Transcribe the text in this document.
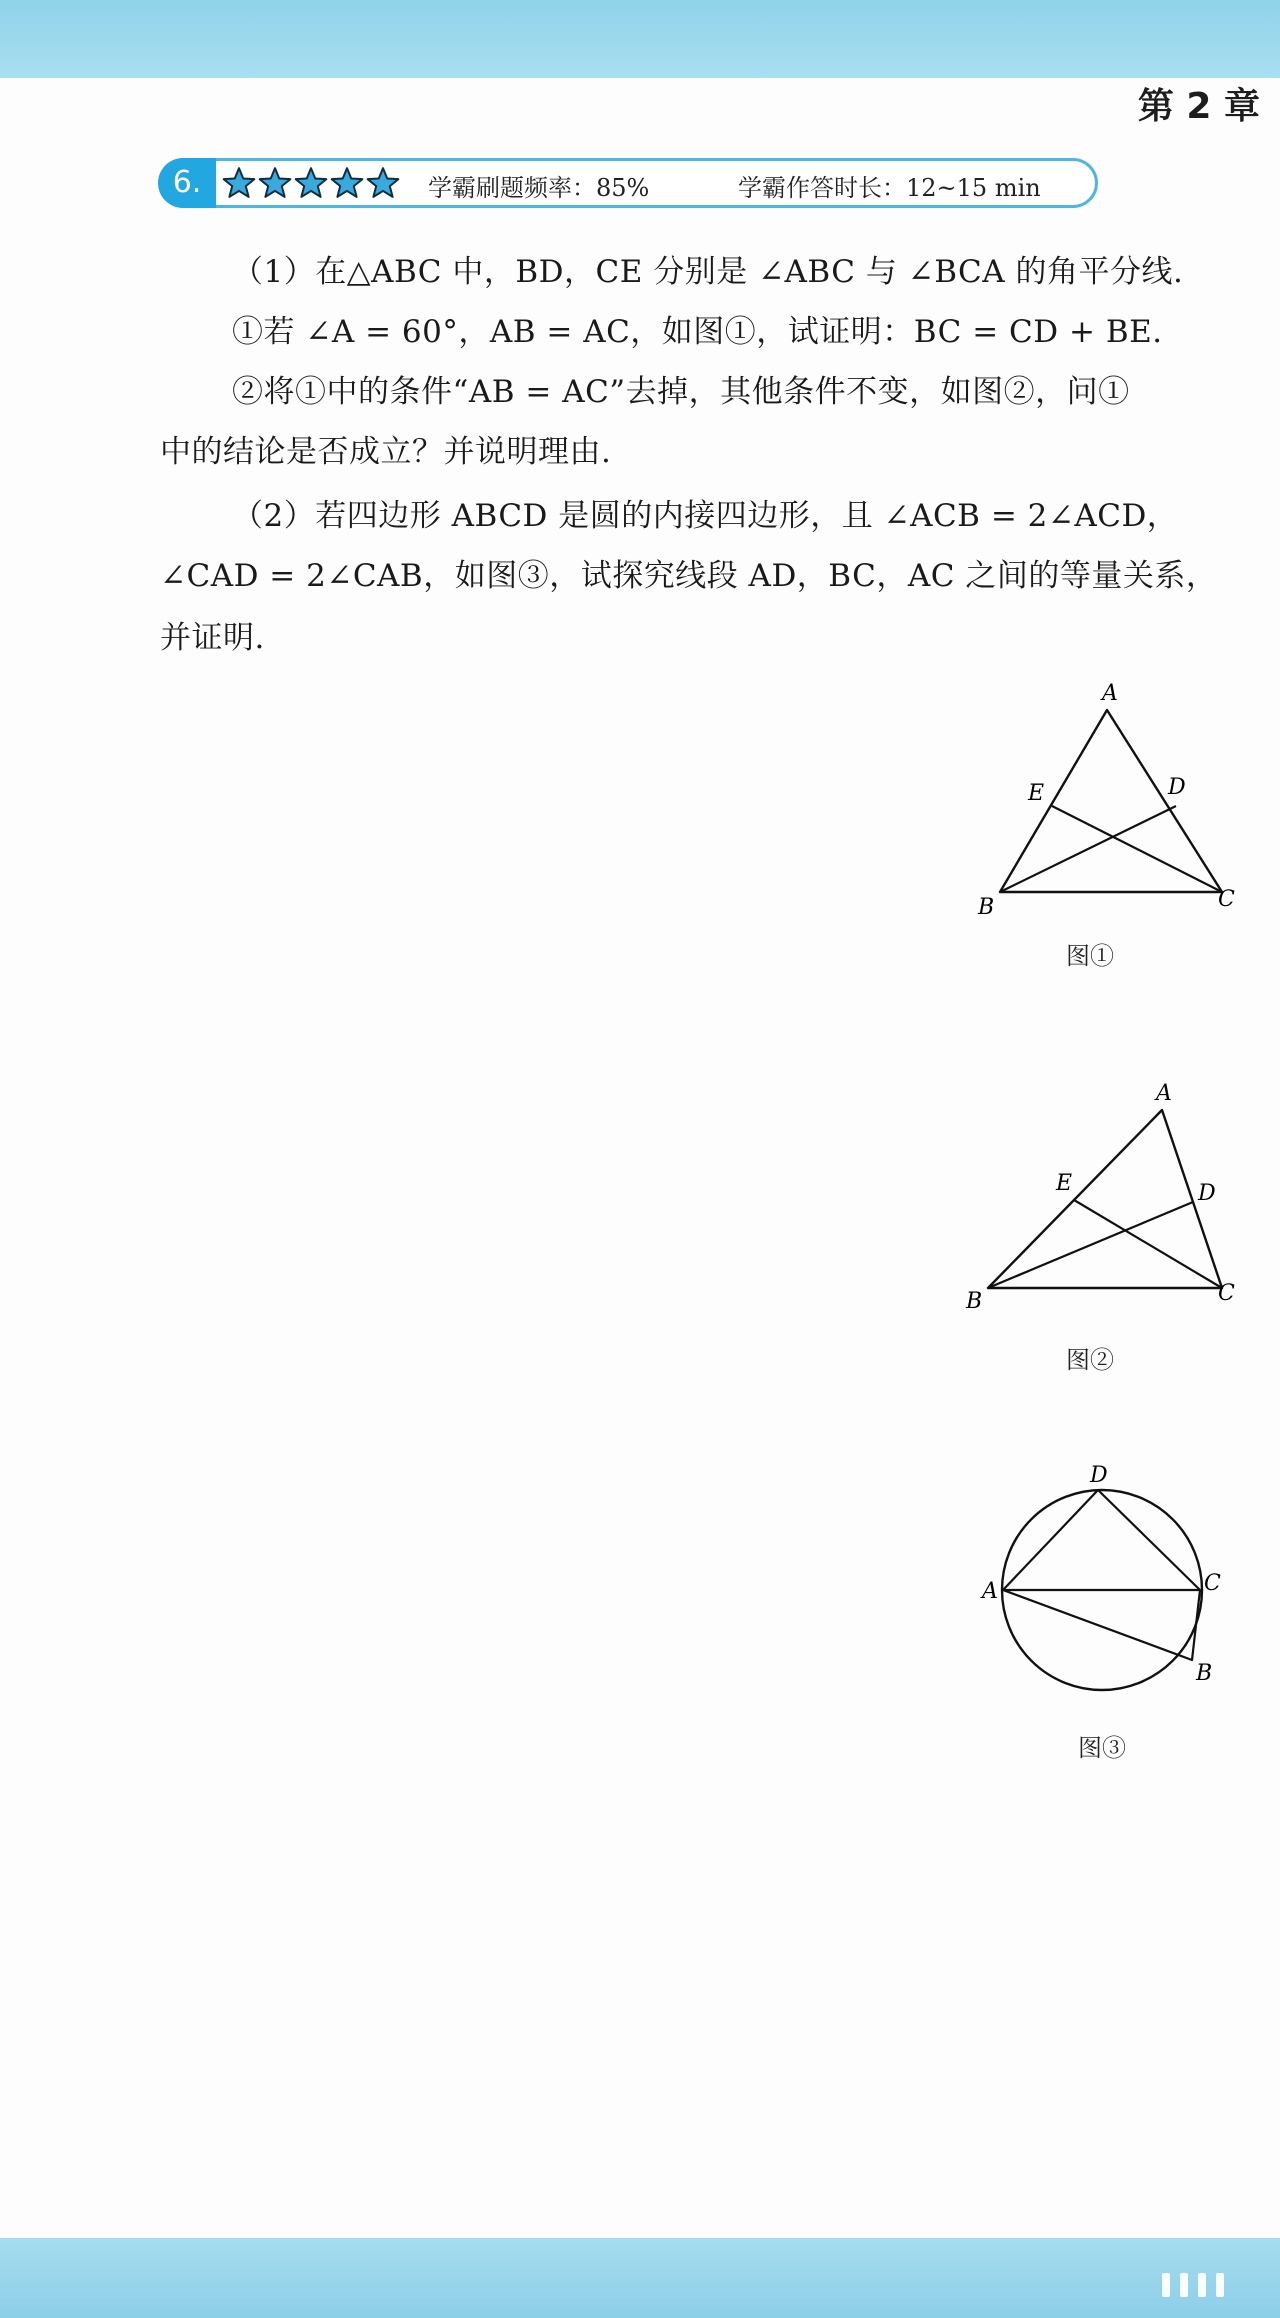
第 2 章
6.	学霸刷题频率：85%	学霸作答时长：12~15 min
（1）在△ABC 中，BD，CE 分别是 ∠ABC 与 ∠BCA 的角平分线.
①若 ∠A = 60°，AB = AC，如图①，试证明：BC = CD + BE.
②将①中的条件“AB = AC”去掉，其他条件不变，如图②，问①
中的结论是否成立？并说明理由.
（2）若四边形 ABCD 是圆的内接四边形，且 ∠ACB = 2∠ACD，
∠CAD = 2∠CAB，如图③，试探究线段 AD，BC，AC 之间的等量关系，
并证明.
A
E	D
B	C
图①
A
E	D
B	C
图②
D
A	C
B
图③
